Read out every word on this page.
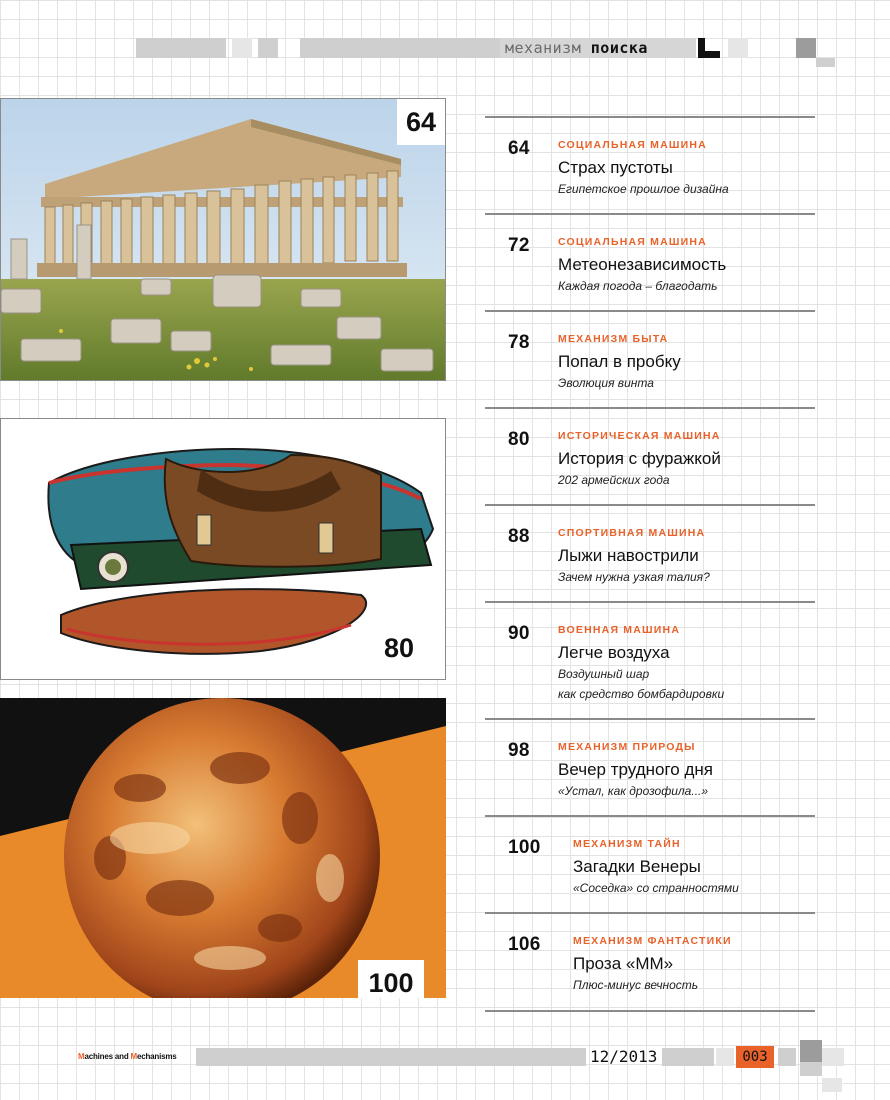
механизм поиска
64
80
100
64	СОЦИАЛЬНАЯ МАШИНА
Страх пустоты
Египетское прошлое дизайна
72	СОЦИАЛЬНАЯ МАШИНА
Метеонезависимость
Каждая погода – благодать
78	МЕХАНИЗМ БЫТА
Попал в пробку
Эволюция винта
80	ИСТОРИЧЕСКАЯ МАШИНА
История с фуражкой
202 армейских года
88	СПОРТИВНАЯ МАШИНА
Лыжи навострили
Зачем нужна узкая талия?
90	ВОЕННАЯ МАШИНА
Легче воздуха
Воздушный шар
как средство бомбардировки
98	МЕХАНИЗМ ПРИРОДЫ
Вечер трудного дня
«Устал, как дрозофила...»
100	МЕХАНИЗМ ТАЙН
Загадки Венеры
«Соседка» со странностями
106	МЕХАНИЗМ ФАНТАСТИКИ
Проза «ММ»
Плюс-минус вечность
Machines and Mechanisms	12/2013	003
